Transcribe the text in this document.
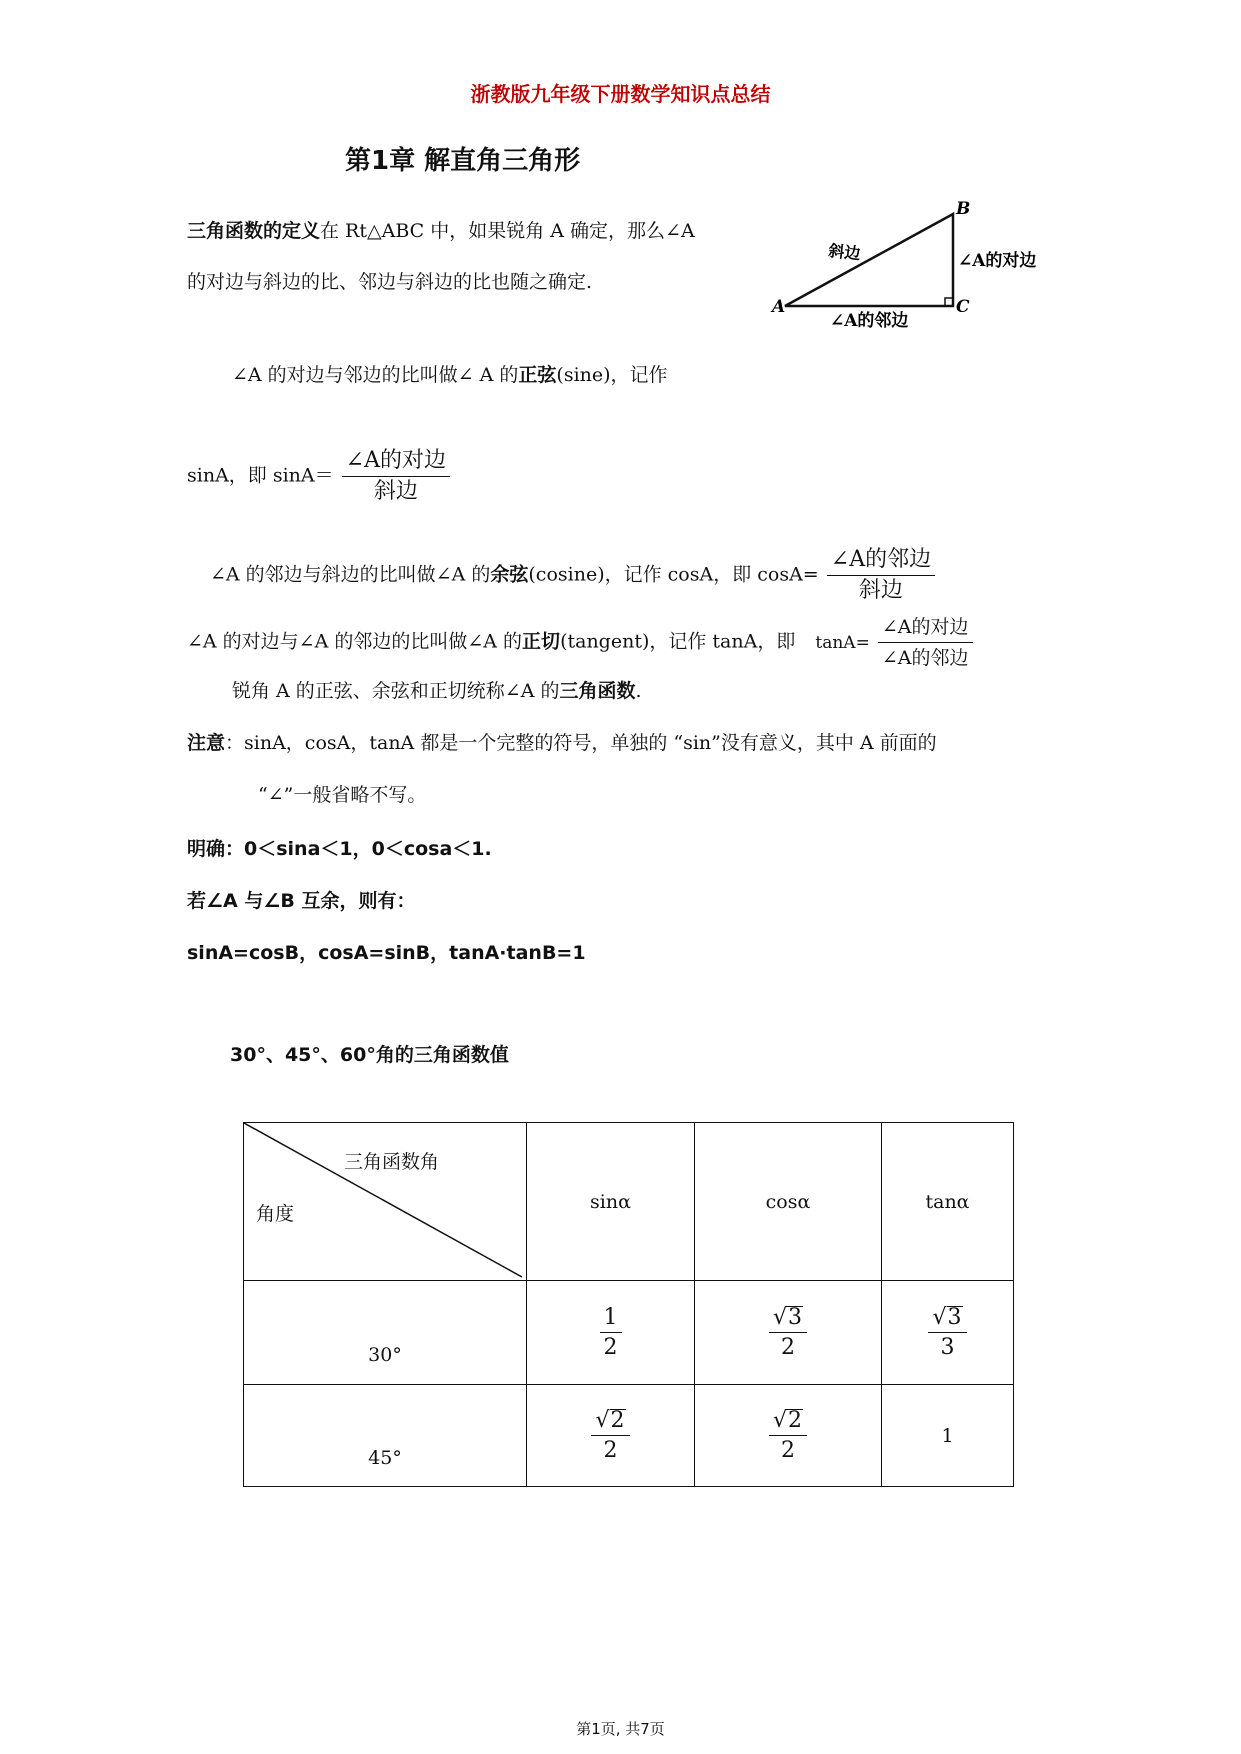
浙教版九年级下册数学知识点总结
第1章 解直角三角形
三角函数的定义在 Rt△ABC 中，如果锐角 A 确定，那么∠A
的对边与斜边的比、邻边与斜边的比也随之确定.
A
B
C
斜边	∠A的对边
∠A的邻边
∠A 的对边与邻边的比叫做∠ A 的正弦(sine)，记作
sinA，即 $\sin A= \frac{\text{∠A的对边}}{\text{斜边}}$
∠A 的邻边与斜边的比叫做∠A 的余弦(cosine)，记作 cosA，即 $\cos A= \frac{\text{∠A的邻边}}{\text{斜边}}$
∠A 的对边与∠A 的邻边的比叫做∠A 的正切(tangent)，记作 tanA，即 $\tan A= \frac{\text{∠A的对边}}{\text{∠A的邻边}}$
锐角 A 的正弦、余弦和正切统称∠A 的三角函数.
注意：sinA，cosA，tanA 都是一个完整的符号，单独的 “sin”没有意义，其中 A 前面的
“∠”一般省略不写。
明确：0＜sina＜1，0＜cosa＜1.
若∠A 与∠B 互余，则有：
sinA=cosB，cosA=sinB，tanA·tanB=1
30°、45°、60°角的三角函数值
三角函数角
角度	sinα	cosα	tanα
30°	$\frac{1}{2}$	$\frac{√ 3}{2}$	$\frac{√ 3}{3}$

45°	$\frac{√ 2}{2}$	$\frac{√ 2}{2}$	1
第1页, 共7页
